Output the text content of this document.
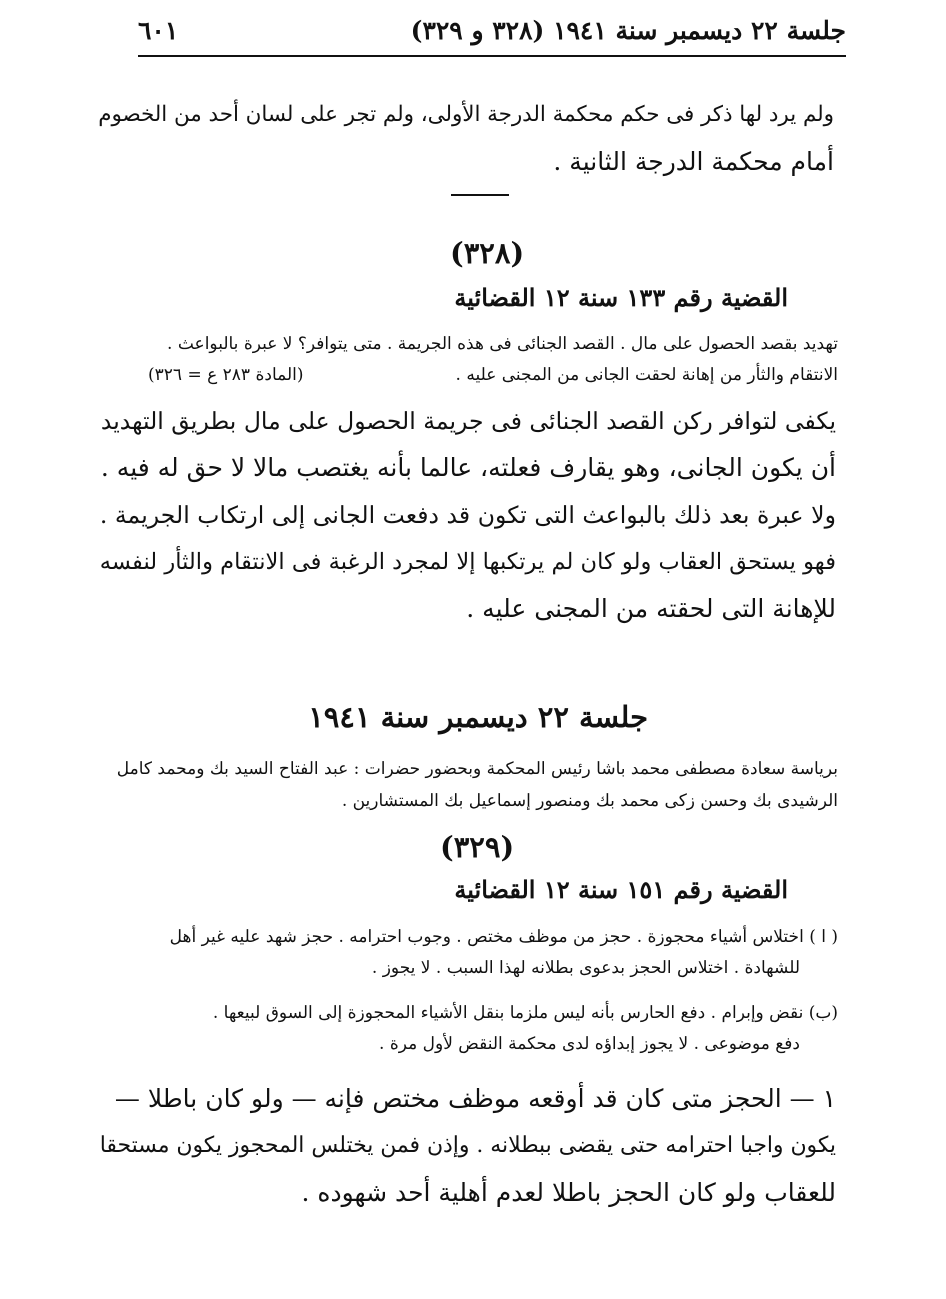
جلسة ٢٢ ديسمبر سنة ١٩٤١ (٣٢٨ و ٣٢٩)
٦٠١
ولم يرد لها ذكر فى حكم محكمة الدرجة الأولى، ولم تجر على لسان أحد من الخصوم
أمام محكمة الدرجة الثانية .
(٣٢٨)
القضية رقم ١٣٣ سنة ١٢ القضائية
تهديد بقصد الحصول على مال . القصد الجنائى فى هذه الجريمة . متى يتوافر؟ لا عبرة بالبواعث .
الانتقام والثأر من إهانة لحقت الجانى من المجنى عليه .
(المادة ٢٨٣ ع = ٣٢٦)
يكفى لتوافر ركن القصد الجنائى فى جريمة الحصول على مال بطريق التهديد
أن يكون الجانى، وهو يقارف فعلته، عالما بأنه يغتصب مالا لا حق له فيه .
ولا عبرة بعد ذلك بالبواعث التى تكون قد دفعت الجانى إلى ارتكاب الجريمة .
فهو يستحق العقاب ولو كان لم يرتكبها إلا لمجرد الرغبة فى الانتقام والثأر لنفسه
للإهانة التى لحقته من المجنى عليه .
جلسة ٢٢ ديسمبر سنة ١٩٤١
برياسة سعادة مصطفى محمد باشا رئيس المحكمة وبحضور حضرات : عبد الفتاح السيد بك ومحمد كامل
الرشيدى بك وحسن زكى محمد بك ومنصور إسماعيل بك المستشارين .
(٣٢٩)
القضية رقم ١٥١ سنة ١٢ القضائية
( ا ) اختلاس أشياء محجوزة . حجز من موظف مختص . وجوب احترامه . حجز شهد عليه غير أهل
للشهادة . اختلاس الحجز بدعوى بطلانه لهذا السبب . لا يجوز .
(ب) نقض وإبرام . دفع الحارس بأنه ليس ملزما بنقل الأشياء المحجوزة إلى السوق لبيعها .
دفع موضوعى . لا يجوز إبداؤه لدى محكمة النقض لأول مرة .
١ — الحجز متى كان قد أوقعه موظف مختص فإنه — ولو كان باطلا —
يكون واجبا احترامه حتى يقضى ببطلانه . وإذن فمن يختلس المحجوز يكون مستحقا
للعقاب ولو كان الحجز باطلا لعدم أهلية أحد شهوده .
